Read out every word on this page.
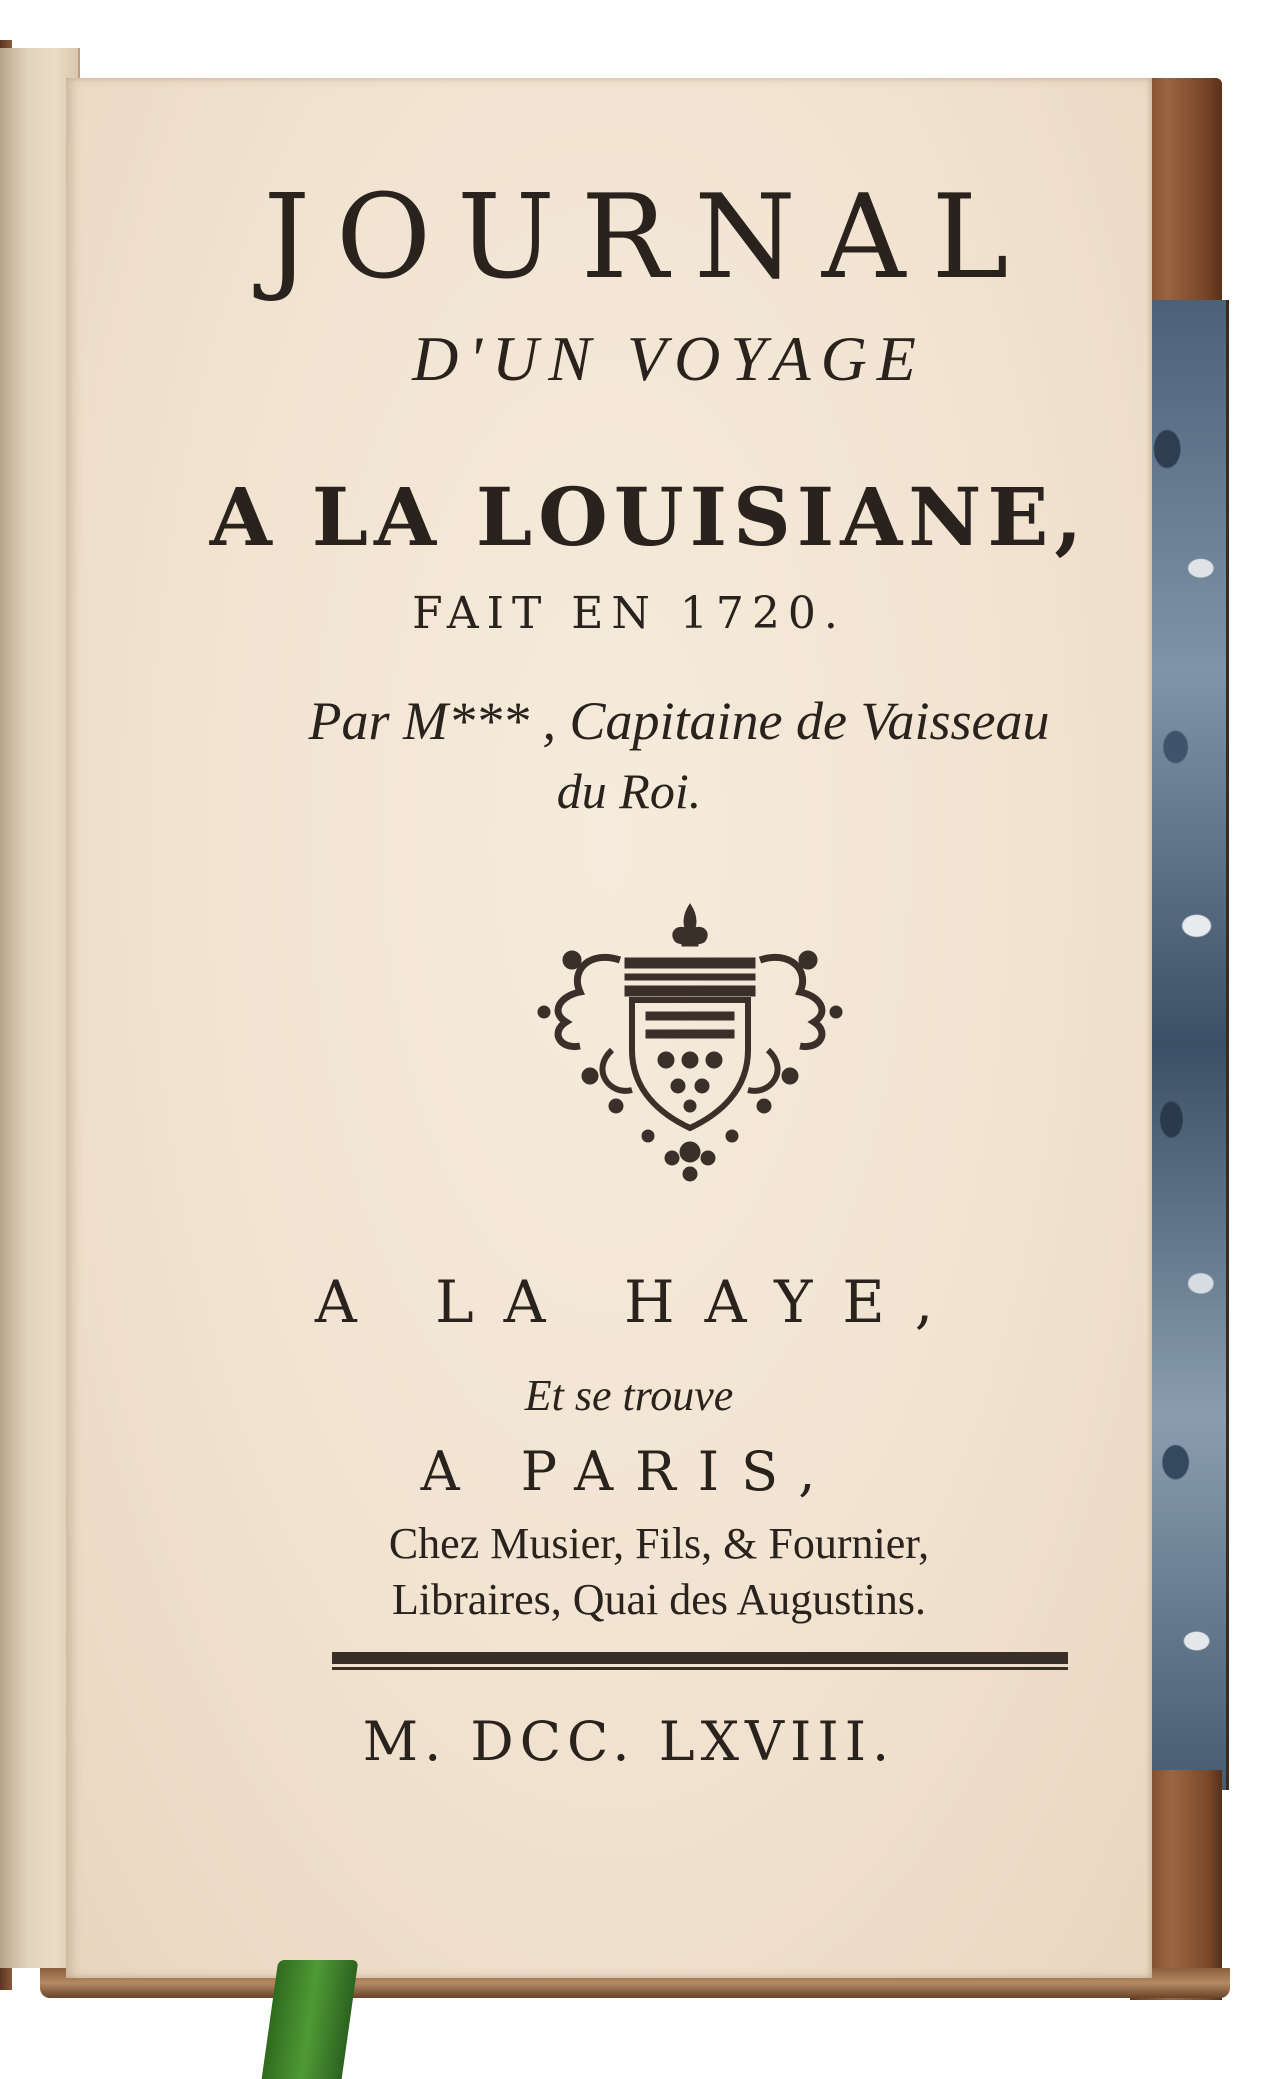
JOURNAL
D'UN VOYAGE
A LA LOUISIANE,
FAIT EN 1720.
Par M*** , Capitaine de Vaisseau
du Roi.
A LA HAYE,
Et se trouve
A PARIS,
Chez Musier, Fils, & Fournier,
Libraires, Quai des Augustins.
M. DCC. LXVIII.
